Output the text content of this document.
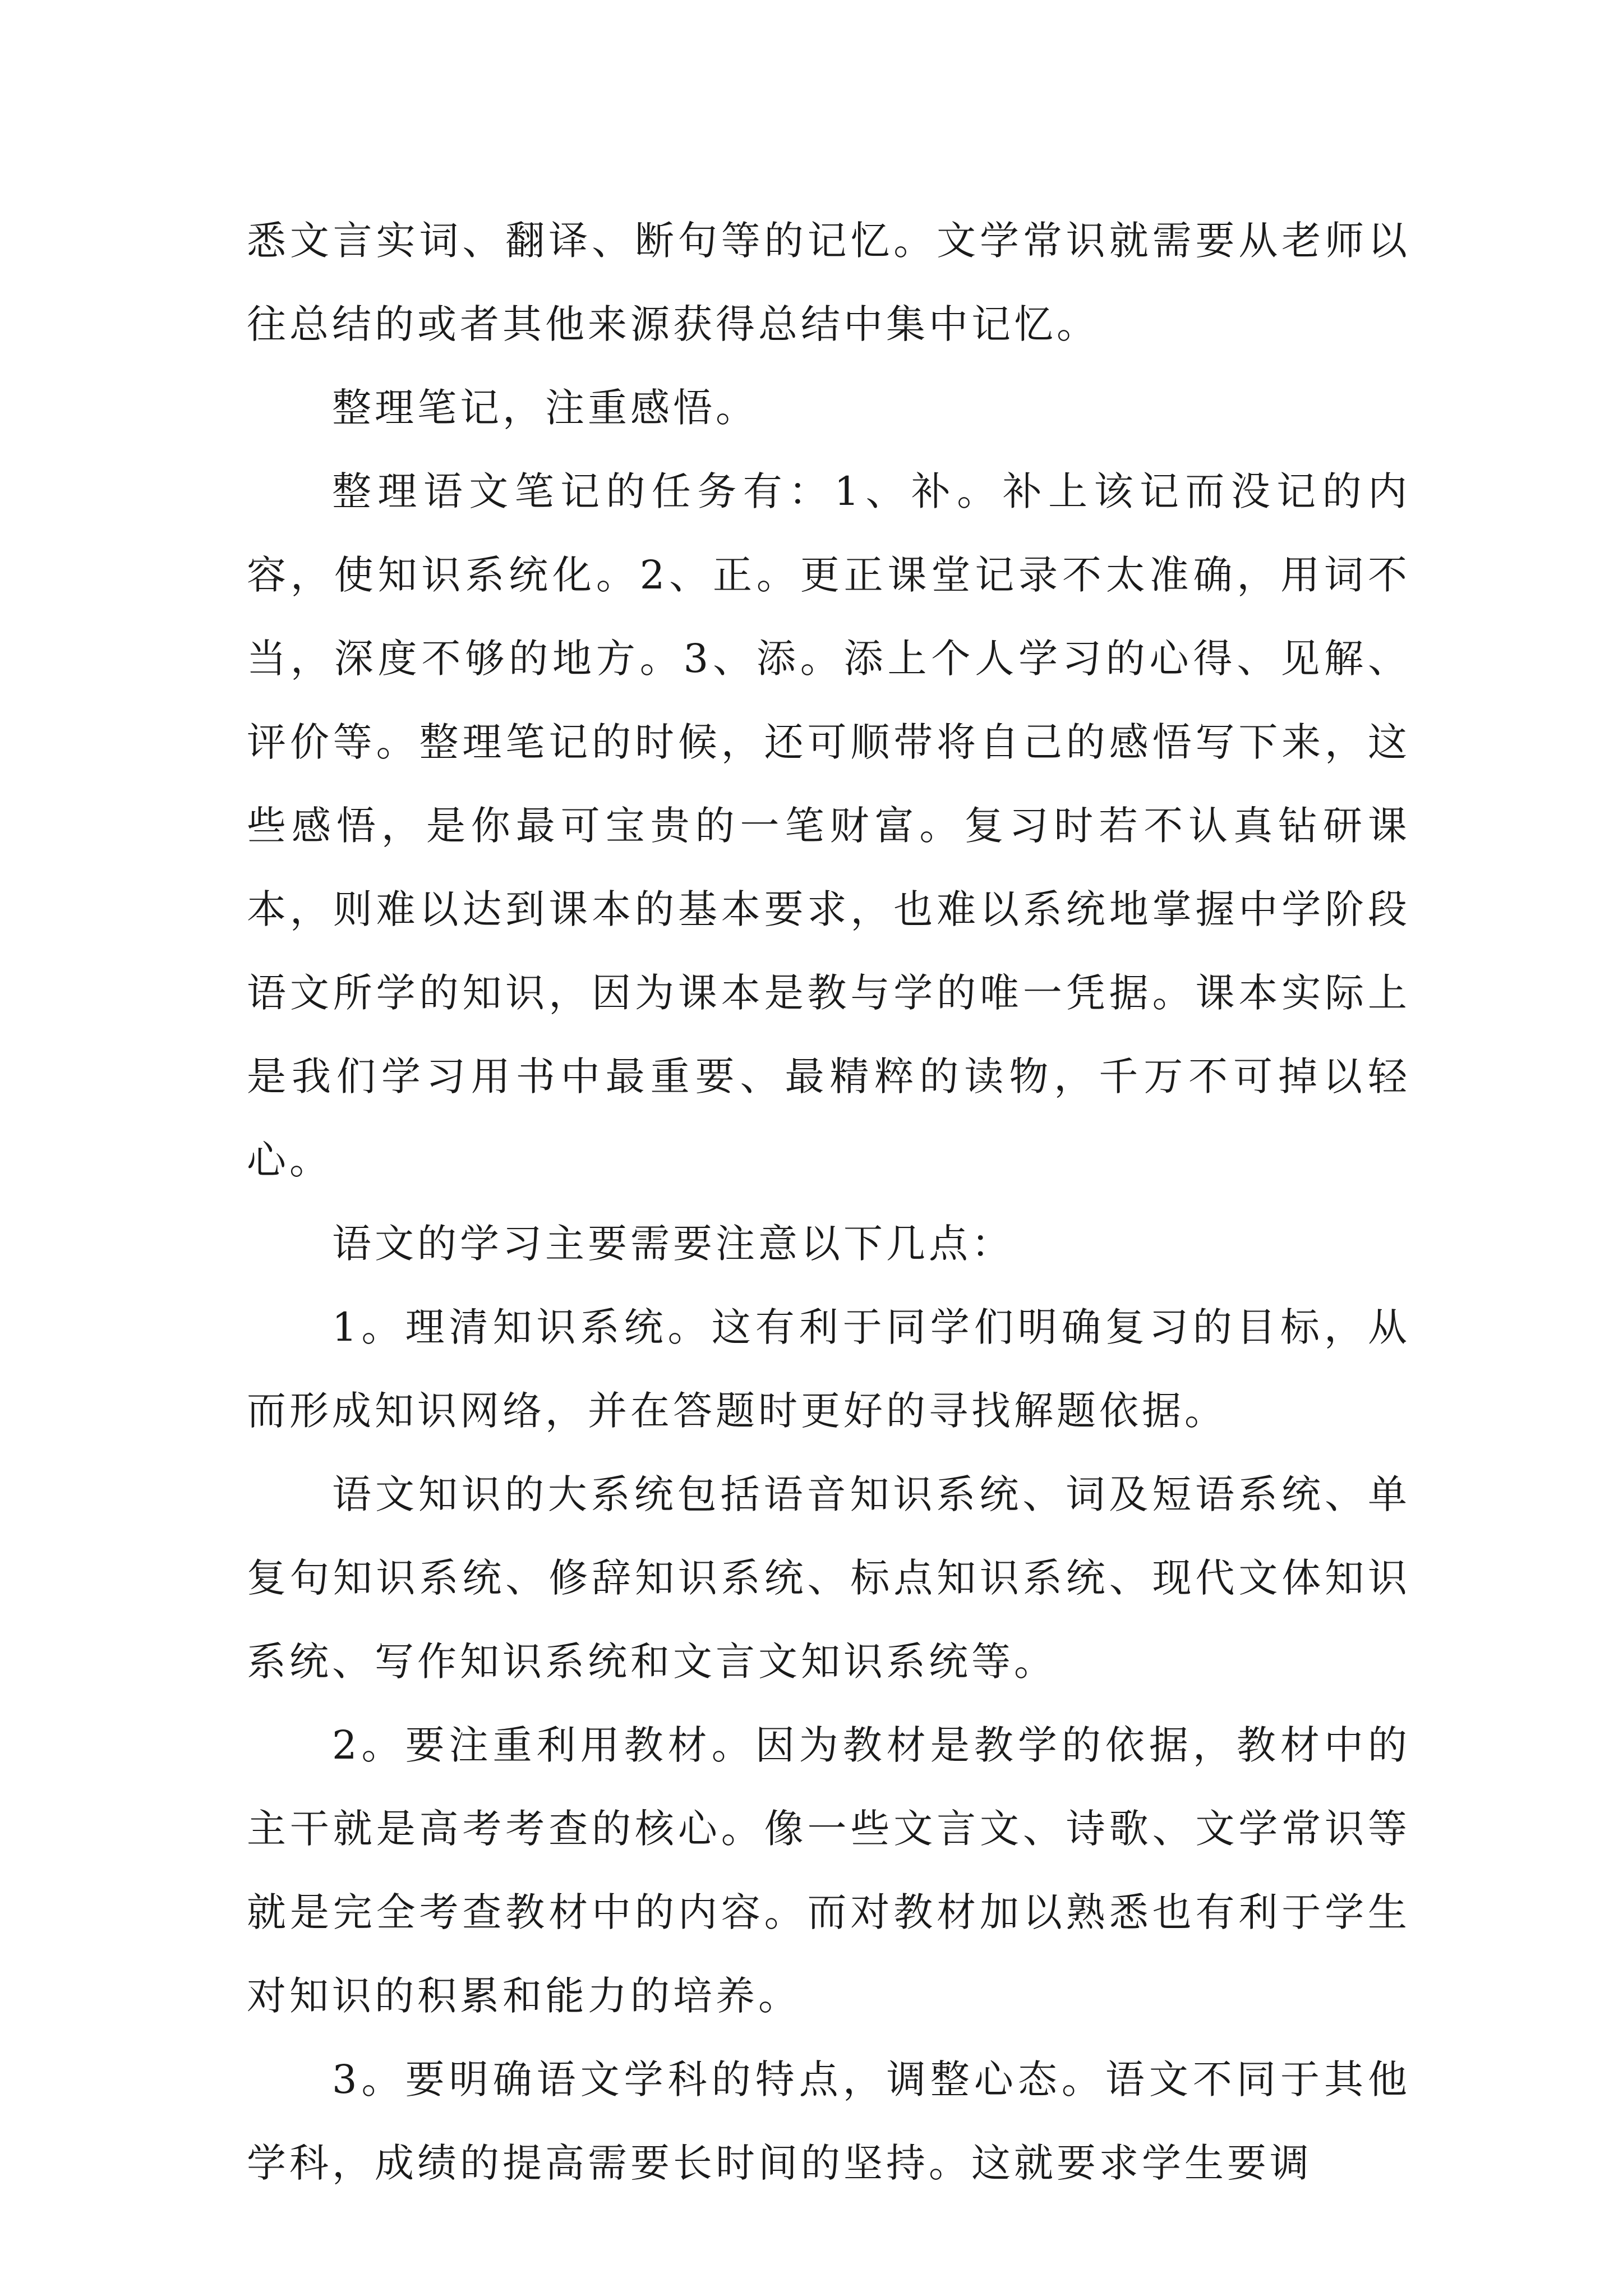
悉文言实词、翻译、断句等的记忆。文学常识就需要从老师以往总结的或者其他来源获得总结中集中记忆。

整理笔记，注重感悟。

整理语文笔记的任务有：1、补。补上该记而没记的内容，使知识系统化。2、正。更正课堂记录不太准确，用词不当，深度不够的地方。3、添。添上个人学习的心得、见解、评价等。整理笔记的时候，还可顺带将自己的感悟写下来，这些感悟，是你最可宝贵的一笔财富。复习时若不认真钻研课本，则难以达到课本的基本要求，也难以系统地掌握中学阶段语文所学的知识，因为课本是教与学的唯一凭据。课本实际上是我们学习用书中最重要、最精粹的读物，千万不可掉以轻心。

语文的学习主要需要注意以下几点：

1。理清知识系统。这有利于同学们明确复习的目标，从而形成知识网络，并在答题时更好的寻找解题依据。

语文知识的大系统包括语音知识系统、词及短语系统、单复句知识系统、修辞知识系统、标点知识系统、现代文体知识系统、写作知识系统和文言文知识系统等。

2。要注重利用教材。因为教材是教学的依据，教材中的主干就是高考考查的核心。像一些文言文、诗歌、文学常识等就是完全考查教材中的内容。而对教材加以熟悉也有利于学生对知识的积累和能力的培养。

3。要明确语文学科的特点，调整心态。语文不同于其他学科，成绩的提高需要长时间的坚持。这就要求学生要调
